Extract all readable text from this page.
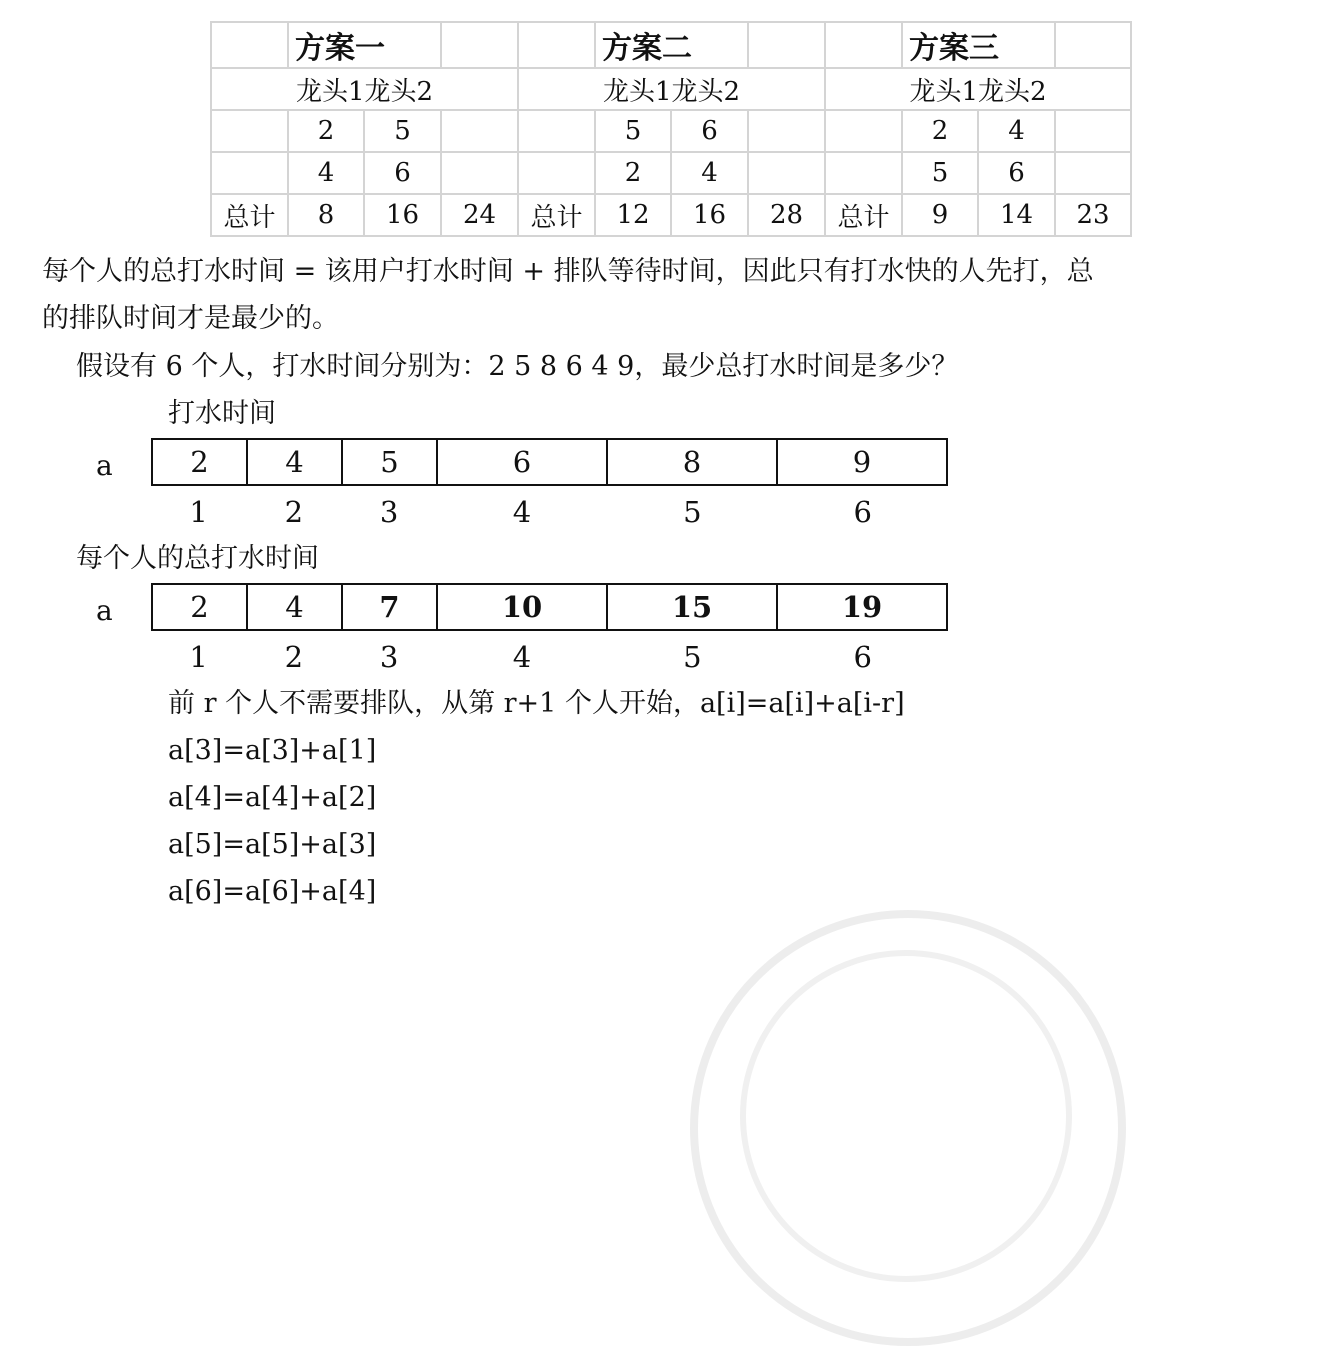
	方案一		
龙头1龙头2			
	2	5	
	4	6	
总计	8	16	24
	方案二		
龙头1龙头2			
	5	6	
	2	4	
总计	12	16	28
	方案三		
龙头1龙头2			
	2	4	
	5	6	
总计	9	14	23
每个人的总打水时间 = 该用户打水时间 + 排队等待时间，因此只有打水快的人先打，总
的排队时间才是最少的。
假设有 6 个人，打水时间分别为：2 5 8 6 4 9，最少总打水时间是多少？
打水时间
a	2	4	5	6	8	9
1	2	3	4	5	6
每个人的总打水时间
a	2	4	7	10	15	19
1	2	3	4	5	6
前 r 个人不需要排队，从第 r+1 个人开始，a[i]=a[i]+a[i-r]
a[3]=a[3]+a[1]
a[4]=a[4]+a[2]
a[5]=a[5]+a[3]
a[6]=a[6]+a[4]
